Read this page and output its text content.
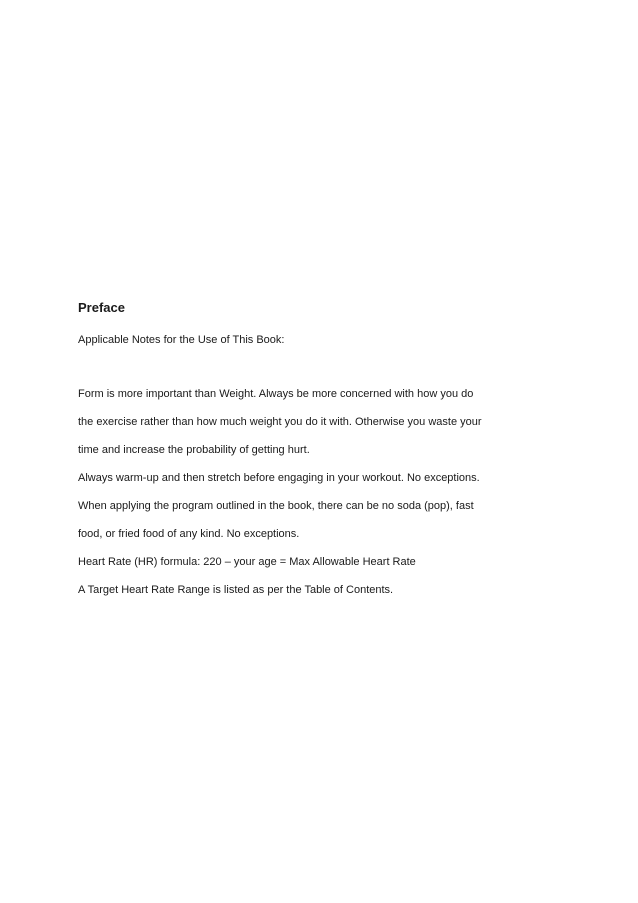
Preface

Applicable Notes for the Use of This Book:

Form is more important than Weight. Always be more concerned with how you do
the exercise rather than how much weight you do it with. Otherwise you waste your
time and increase the probability of getting hurt.
Always warm-up and then stretch before engaging in your workout. No exceptions.
When applying the program outlined in the book, there can be no soda (pop), fast
food, or fried food of any kind. No exceptions.
Heart Rate (HR) formula: 220 – your age = Max Allowable Heart Rate
A Target Heart Rate Range is listed as per the Table of Contents.
